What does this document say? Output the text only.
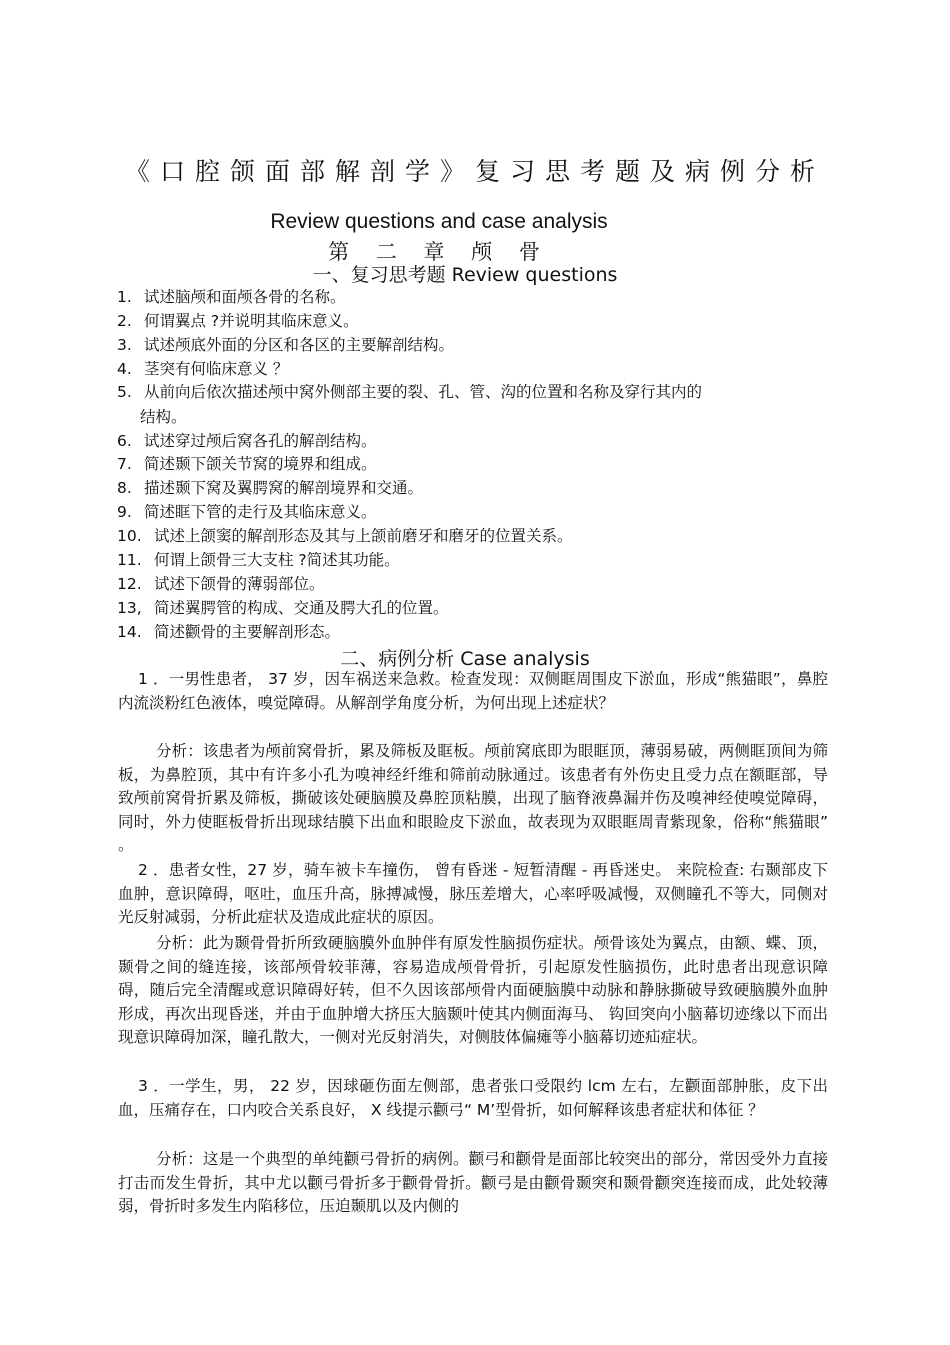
《口腔颌面部解剖学》复习思考题及病例分析
Review questions and case analysis
第 二 章 颅 骨
一、复习思考题 Review questions
1. 试述脑颅和面颅各骨的名称。
2. 何谓翼点 ?并说明其临床意义。
3. 试述颅底外面的分区和各区的主要解剖结构。
4. 茎突有何临床意义 ？
5. 从前向后依次描述颅中窝外侧部主要的裂、孔、管、沟的位置和名称及穿行其内的
结构。
6. 试述穿过颅后窝各孔的解剖结构。
7. 简述颞下颌关节窝的境界和组成。
8. 描述颞下窝及翼腭窝的解剖境界和交通。
9. 简述眶下管的走行及其临床意义。
10. 试述上颌窦的解剖形态及其与上颌前磨牙和磨牙的位置关系。
11. 何谓上颌骨三大支柱 ?简述其功能。
12. 试述下颌骨的薄弱部位。
13, 简述翼腭管的构成、交通及腭大孔的位置。
14. 简述颧骨的主要解剖形态。
二、病例分析 Case analysis
1 ．一男性患者， 37 岁，因车祸送来急救。检查发现：双侧眶周围皮下淤血，形成“熊猫眼”，鼻腔内流淡粉红色液体，嗅觉障碍。从解剖学角度分析，为何出现上述症状？
分析：该患者为颅前窝骨折，累及筛板及眶板。颅前窝底即为眼眶顶，薄弱易破，两侧眶顶间为筛板，为鼻腔顶，其中有许多小孔为嗅神经纤维和筛前动脉通过。该患者有外伤史且受力点在额眶部，导致颅前窝骨折累及筛板，撕破该处硬脑膜及鼻腔顶粘膜，出现了脑脊液鼻漏并伤及嗅神经使嗅觉障碍，同时，外力使眶板骨折出现球结膜下出血和眼睑皮下淤血，故表现为双眼眶周青紫现象，俗称“熊猫眼” 。
2 ．患者女性，27 岁，骑车被卡车撞伤， 曾有昏迷 - 短暂清醒 - 再昏迷史。 来院检查: 右颞部皮下血肿，意识障碍，呕吐，血压升高，脉搏减慢，脉压差增大，心率呼吸减慢，双侧瞳孔不等大，同侧对光反射减弱，分析此症状及造成此症状的原因。
分析：此为颞骨骨折所致硬脑膜外血肿伴有原发性脑损伤症状。颅骨该处为翼点，由额、蝶、顶，颞骨之间的缝连接，该部颅骨较菲薄，容易造成颅骨骨折，引起原发性脑损伤，此时患者出现意识障碍，随后完全清醒或意识障碍好转，但不久因该部颅骨内面硬脑膜中动脉和静脉撕破导致硬脑膜外血肿形成，再次出现昏迷，并由于血肿增大挤压大脑颞叶使其内侧面海马、 钩回突向小脑幕切迹缘以下而出现意识障碍加深，瞳孔散大，一侧对光反射消失，对侧肢体偏瘫等小脑幕切迹疝症状。
3 ．一学生，男， 22 岁，因球砸伤面左侧部，患者张口受限约 lcm 左右，左颧面部肿胀，皮下出血，压痛存在，口内咬合关系良好， X 线提示颧弓“ M’型骨折，如何解释该患者症状和体征 ？
分析：这是一个典型的单纯颧弓骨折的病例。颧弓和颧骨是面部比较突出的部分，常因受外力直接打击而发生骨折，其中尤以颧弓骨折多于颧骨骨折。颧弓是由颧骨颞突和颞骨颧突连接而成，此处较薄弱，骨折时多发生内陷移位，压迫颞肌以及内侧的
